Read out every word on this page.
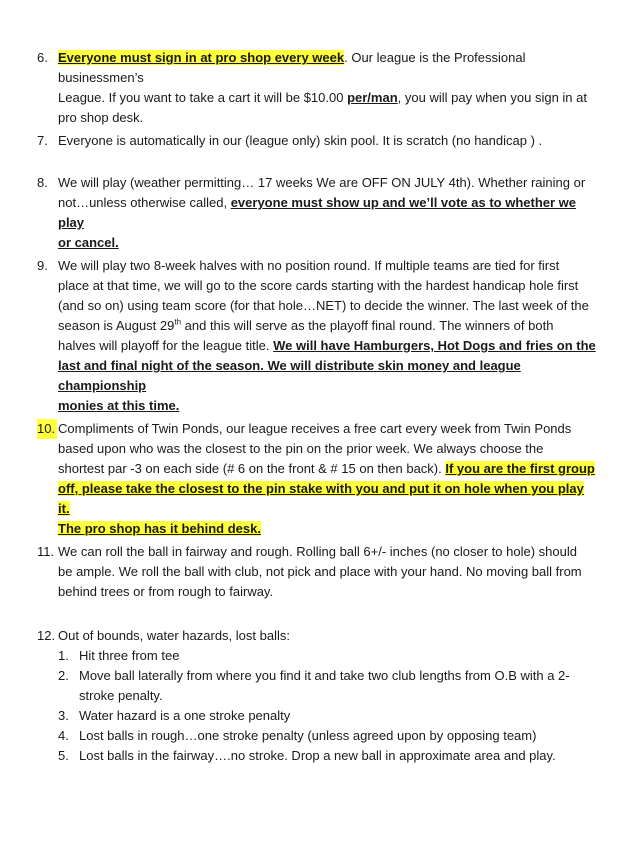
6. Everyone must sign in at pro shop every week. Our league is the Professional businessmen’s
League. If you want to take a cart it will be $10.00 per/man, you will pay when you sign in at
pro shop desk.
7. Everyone is automatically in our (league only) skin pool. It is scratch (no handicap ) .
8. We will play (weather permitting… 17 weeks We are OFF ON JULY 4th). Whether raining or
not…unless otherwise called, everyone must show up and we’ll vote as to whether we play
or cancel.
9. We will play two 8-week halves with no position round. If multiple teams are tied for first
place at that time, we will go to the score cards starting with the hardest handicap hole first
(and so on) using team score (for that hole…NET) to decide the winner. The last week of the
season is August 29th and this will serve as the playoff final round. The winners of both
halves will playoff for the league title. We will have Hamburgers, Hot Dogs and fries on the
last and final night of the season. We will distribute skin money and league championship
monies at this time.
10. Compliments of Twin Ponds, our league receives a free cart every week from Twin Ponds
based upon who was the closest to the pin on the prior week. We always choose the
shortest par -3 on each side (# 6 on the front & # 15 on then back). If you are the first group
off, please take the closest to the pin stake with you and put it on hole when you play it.
The pro shop has it behind desk.
11. We can roll the ball in fairway and rough. Rolling ball 6+/- inches (no closer to hole) should
be ample. We roll the ball with club, not pick and place with your hand. No moving ball from
behind trees or from rough to fairway.
12. Out of bounds, water hazards, lost balls:
1. Hit three from tee
2. Move ball laterally from where you find it and take two club lengths from O.B with a 2-
stroke penalty.
3. Water hazard is a one stroke penalty
4. Lost balls in rough…one stroke penalty (unless agreed upon by opposing team)
5. Lost balls in the fairway….no stroke. Drop a new ball in approximate area and play.
